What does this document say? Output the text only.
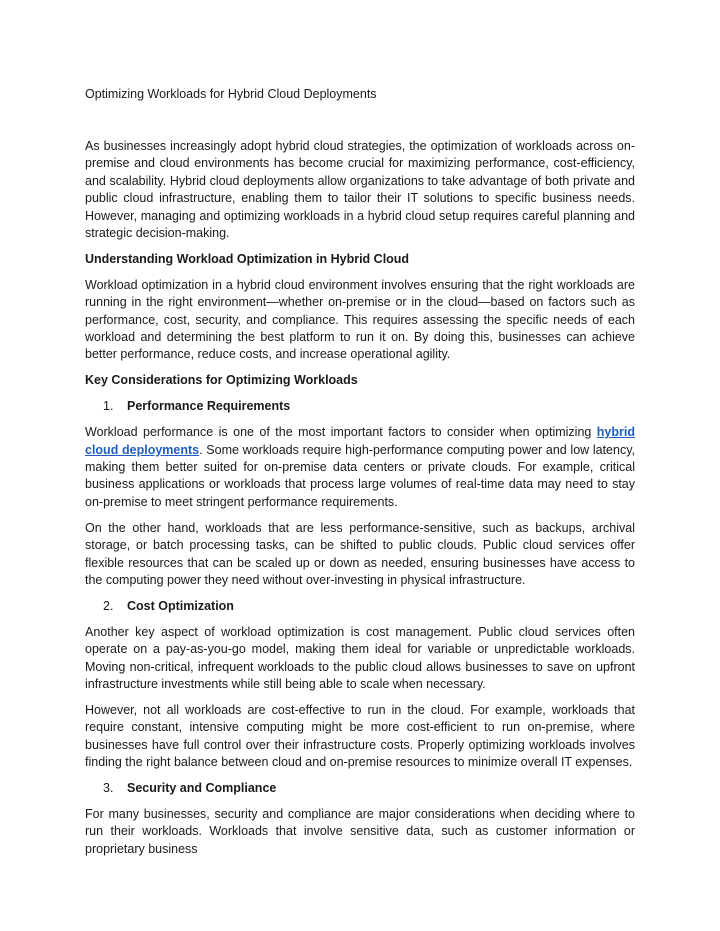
Optimizing Workloads for Hybrid Cloud Deployments

As businesses increasingly adopt hybrid cloud strategies, the optimization of workloads across on-premise and cloud environments has become crucial for maximizing performance, cost-efficiency, and scalability. Hybrid cloud deployments allow organizations to take advantage of both private and public cloud infrastructure, enabling them to tailor their IT solutions to specific business needs. However, managing and optimizing workloads in a hybrid cloud setup requires careful planning and strategic decision-making.

Understanding Workload Optimization in Hybrid Cloud

Workload optimization in a hybrid cloud environment involves ensuring that the right workloads are running in the right environment—whether on-premise or in the cloud—based on factors such as performance, cost, security, and compliance. This requires assessing the specific needs of each workload and determining the best platform to run it on. By doing this, businesses can achieve better performance, reduce costs, and increase operational agility.

Key Considerations for Optimizing Workloads
1. Performance Requirements

Workload performance is one of the most important factors to consider when optimizing hybrid cloud deployments. Some workloads require high-performance computing power and low latency, making them better suited for on-premise data centers or private clouds. For example, critical business applications or workloads that process large volumes of real-time data may need to stay on-premise to meet stringent performance requirements.

On the other hand, workloads that are less performance-sensitive, such as backups, archival storage, or batch processing tasks, can be shifted to public clouds. Public cloud services offer flexible resources that can be scaled up or down as needed, ensuring businesses have access to the computing power they need without over-investing in physical infrastructure.

2. Cost Optimization

Another key aspect of workload optimization is cost management. Public cloud services often operate on a pay-as-you-go model, making them ideal for variable or unpredictable workloads. Moving non-critical, infrequent workloads to the public cloud allows businesses to save on upfront infrastructure investments while still being able to scale when necessary.

However, not all workloads are cost-effective to run in the cloud. For example, workloads that require constant, intensive computing might be more cost-efficient to run on-premise, where businesses have full control over their infrastructure costs. Properly optimizing workloads involves finding the right balance between cloud and on-premise resources to minimize overall IT expenses.

3. Security and Compliance

For many businesses, security and compliance are major considerations when deciding where to run their workloads. Workloads that involve sensitive data, such as customer information or proprietary business
